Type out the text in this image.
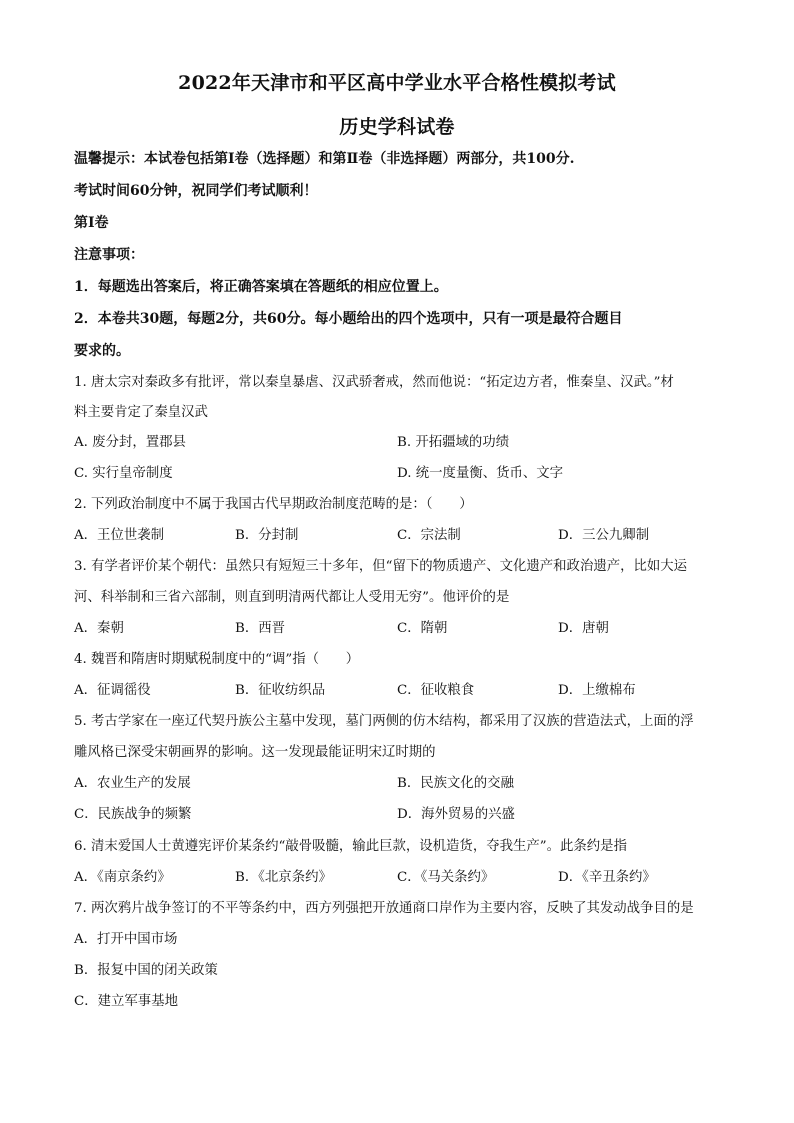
2022年天津市和平区高中学业水平合格性模拟考试
历史学科试卷
温馨提示：本试卷包括第Ⅰ卷（选择题）和第Ⅱ卷（非选择题）两部分，共100分.
考试时间60分钟，祝同学们考试顺利！
第Ⅰ卷
注意事项：
1．每题选出答案后，将正确答案填在答题纸的相应位置上。
2．本卷共30题，每题2分，共60分。每小题给出的四个选项中，只有一项是最符合题目
要求的。
1. 唐太宗对秦政多有批评，常以秦皇暴虐、汉武骄奢戒，然而他说：“拓定边方者，惟秦皇、汉武。”材
料主要肯定了秦皇汉武
A. 废分封，置郡县	B. 开拓疆域的功绩
C. 实行皇帝制度	D. 统一度量衡、货币、文字
2. 下列政治制度中不属于我国古代早期政治制度范畴的是：（　　）
A．王位世袭制	B．分封制	C．宗法制	D．三公九卿制
3. 有学者评价某个朝代：虽然只有短短三十多年，但“留下的物质遗产、文化遗产和政治遗产，比如大运
河、科举制和三省六部制，则直到明清两代都让人受用无穷”。他评价的是
A．秦朝	B．西晋	C．隋朝	D．唐朝
4. 魏晋和隋唐时期赋税制度中的“调”指（　　）
A．征调徭役	B．征收纺织品	C．征收粮食	D．上缴棉布
5. 考古学家在一座辽代契丹族公主墓中发现，墓门两侧的仿木结构，都采用了汉族的营造法式，上面的浮
雕风格已深受宋朝画界的影响。这一发现最能证明宋辽时期的
A．农业生产的发展	B．民族文化的交融
C．民族战争的频繁	D．海外贸易的兴盛
6. 清末爱国人士黄遵宪评价某条约“敲骨吸髓，输此巨款，设机造货，夺我生产”。此条约是指
A．《南京条约》	B．《北京条约》	C．《马关条约》	D．《辛丑条约》
7. 两次鸦片战争签订的不平等条约中，西方列强把开放通商口岸作为主要内容，反映了其发动战争目的是
A．打开中国市场
B．报复中国的闭关政策
C．建立军事基地
